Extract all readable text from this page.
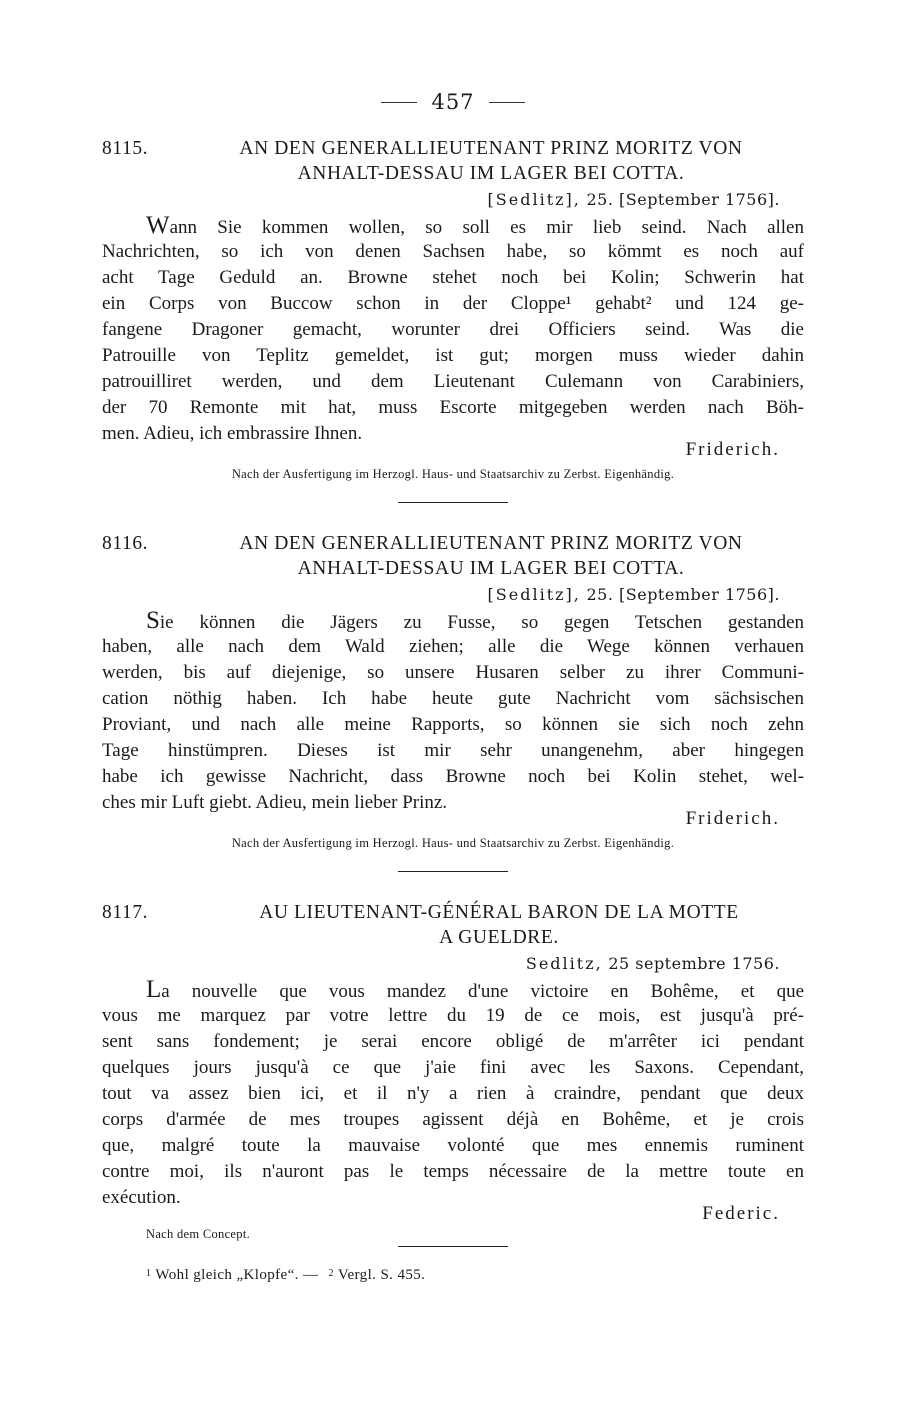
457
8115.	AN DEN GENERALLIEUTENANT PRINZ MORITZ VON
ANHALT-DESSAU IM LAGER BEI COTTA.
[Sedlitz], 25. [September 1756].
Wann Sie kommen wollen, so soll es mir lieb seind. Nach allen
Nachrichten, so ich von denen Sachsen habe, so kömmt es noch auf
acht Tage Geduld an. Browne stehet noch bei Kolin; Schwerin hat
ein Corps von Buccow schon in der Cloppe¹ gehabt² und 124 ge-
fangene Dragoner gemacht, worunter drei Officiers seind. Was die
Patrouille von Teplitz gemeldet, ist gut; morgen muss wieder dahin
patrouilliret werden, und dem Lieutenant Culemann von Carabiniers,
der 70 Remonte mit hat, muss Escorte mitgegeben werden nach Böh-
men. Adieu, ich embrassire Ihnen.
Friderich.
Nach der Ausfertigung im Herzogl. Haus- und Staatsarchiv zu Zerbst. Eigenhändig.
8116.	AN DEN GENERALLIEUTENANT PRINZ MORITZ VON
ANHALT-DESSAU IM LAGER BEI COTTA.
[Sedlitz], 25. [September 1756].
Sie können die Jägers zu Fusse, so gegen Tetschen gestanden
haben, alle nach dem Wald ziehen; alle die Wege können verhauen
werden, bis auf diejenige, so unsere Husaren selber zu ihrer Communi-
cation nöthig haben. Ich habe heute gute Nachricht vom sächsischen
Proviant, und nach alle meine Rapports, so können sie sich noch zehn
Tage hinstümpren. Dieses ist mir sehr unangenehm, aber hingegen
habe ich gewisse Nachricht, dass Browne noch bei Kolin stehet, wel-
ches mir Luft giebt. Adieu, mein lieber Prinz.
Friderich.
Nach der Ausfertigung im Herzogl. Haus- und Staatsarchiv zu Zerbst. Eigenhändig.
8117.	AU LIEUTENANT-GÉNÉRAL BARON DE LA MOTTE
A GUELDRE.
Sedlitz, 25 septembre 1756.
La nouvelle que vous mandez d'une victoire en Bohême, et que
vous me marquez par votre lettre du 19 de ce mois, est jusqu'à pré-
sent sans fondement; je serai encore obligé de m'arrêter ici pendant
quelques jours jusqu'à ce que j'aie fini avec les Saxons. Cependant,
tout va assez bien ici, et il n'y a rien à craindre, pendant que deux
corps d'armée de mes troupes agissent déjà en Bohême, et je crois
que, malgré toute la mauvaise volonté que mes ennemis ruminent
contre moi, ils n'auront pas le temps nécessaire de la mettre toute en
exécution.
Federic.
Nach dem Concept.
$^1$ Wohl gleich „Klopfe“. — $^2$ Vergl. S. 455.
